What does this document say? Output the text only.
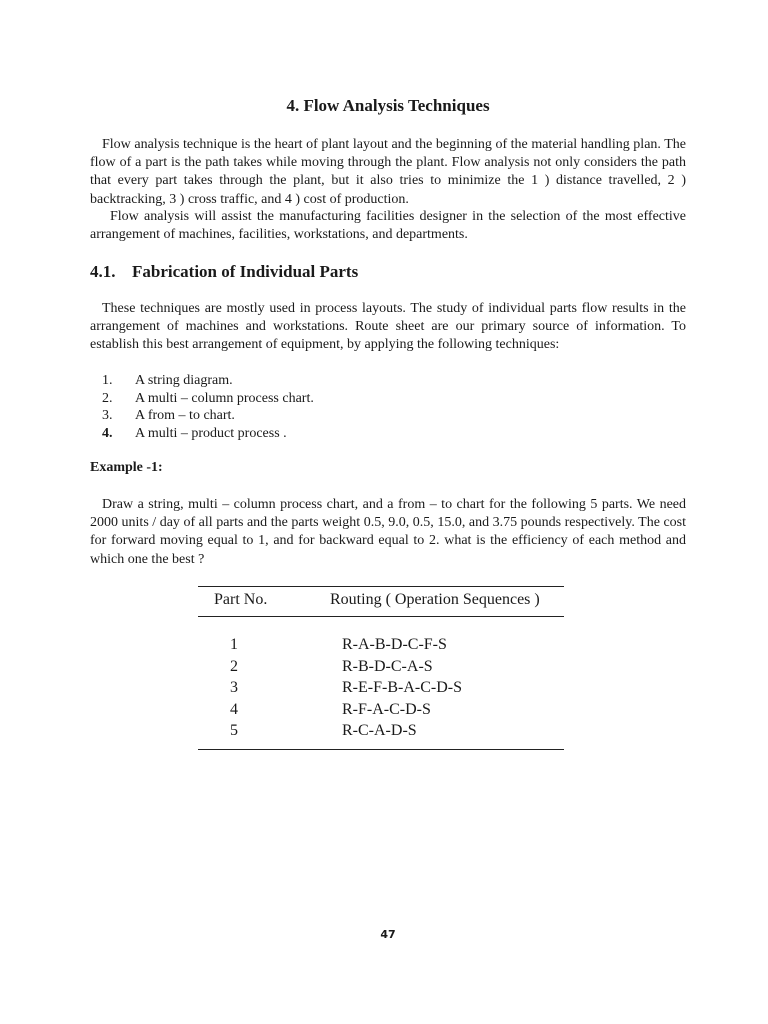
4. Flow Analysis Techniques

Flow analysis technique is the heart of plant layout and the beginning of the material handling plan. The flow of a part is the path takes while moving through the plant. Flow analysis not only considers the path that every part takes through the plant, but it also tries to minimize the 1 ) distance travelled, 2 ) backtracking, 3 ) cross traffic, and 4 ) cost of production.

Flow analysis will assist the manufacturing facilities designer in the selection of the most effective arrangement of machines, facilities, workstations, and departments.

4.1. Fabrication of Individual Parts

These techniques are mostly used in process layouts. The study of individual parts flow results in the arrangement of machines and workstations. Route sheet are our primary source of information. To establish this best arrangement of equipment, by applying the following techniques:

1.	A string diagram.
2.	A multi – column process chart.
3.	A from – to chart.
4.	A multi – product process .
Example -1:

Draw a string, multi – column process chart, and a from – to chart for the following 5 parts. We need 2000 units / day of all parts and the parts weight 0.5, 9.0, 0.5, 15.0, and 3.75 pounds respectively. The cost for forward moving equal to 1, and for backward equal to 2. what is the efficiency of each method and which one the best ?

Part No.	Routing ( Operation Sequences )
1	R-A-B-D-C-F-S
2	R-B-D-C-A-S
3	R-E-F-B-A-C-D-S
4	R-F-A-C-D-S
5	R-C-A-D-S
47
